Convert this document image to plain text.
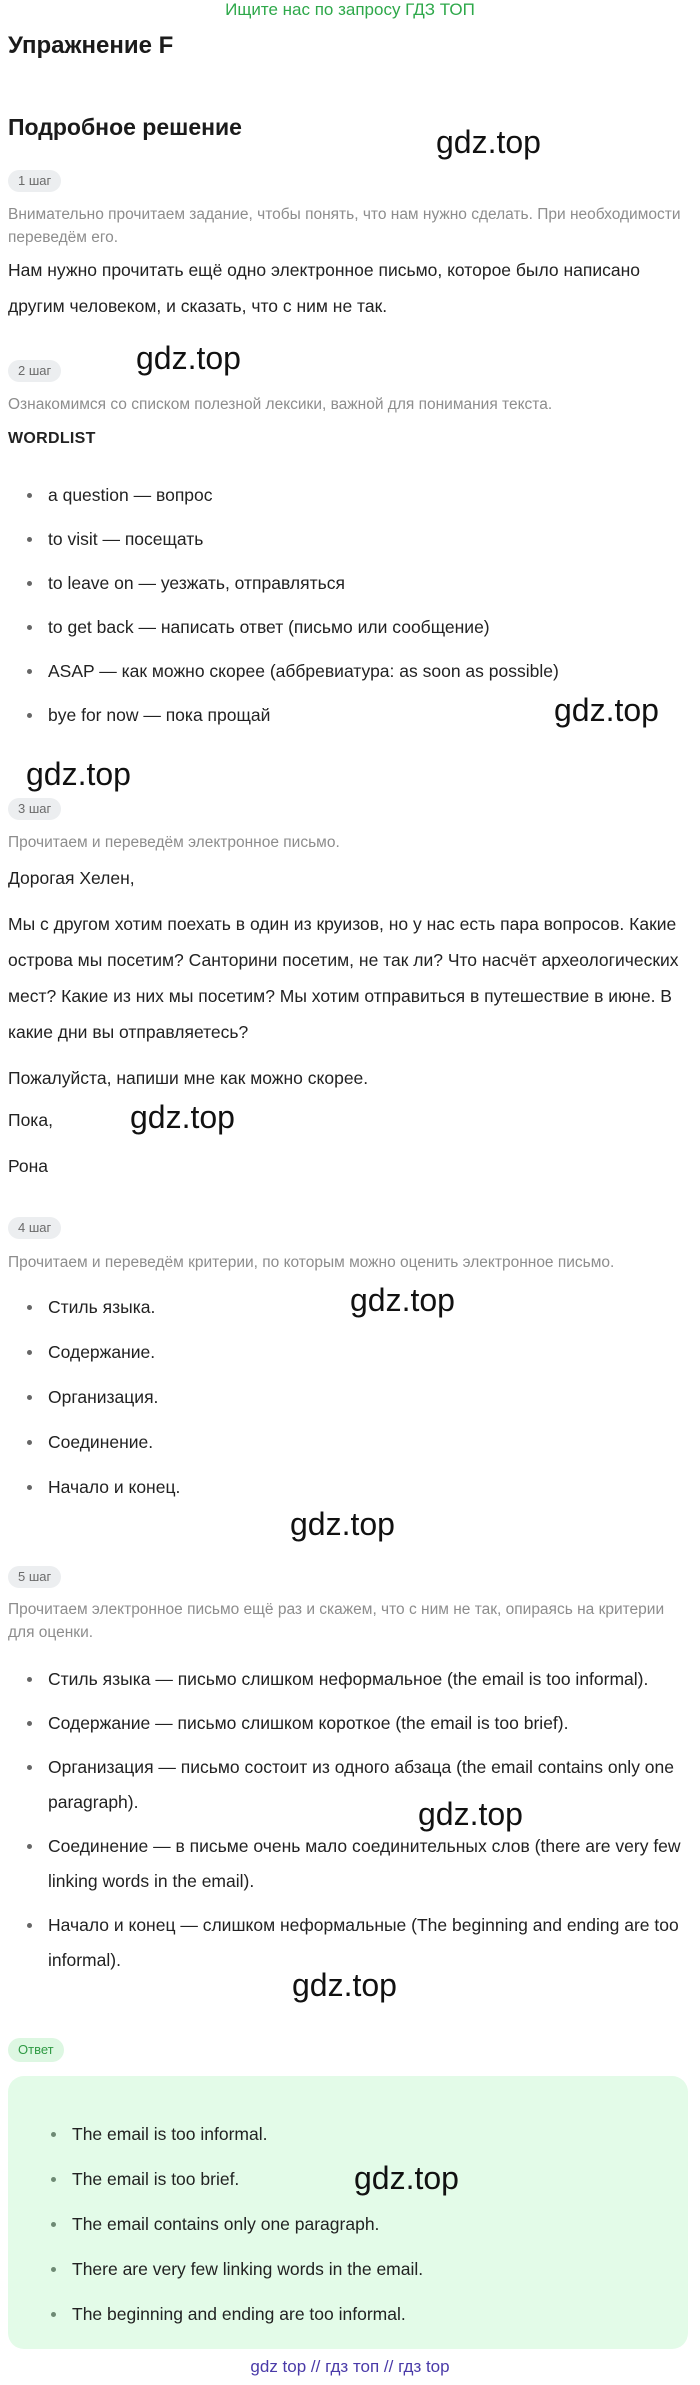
Ищите нас по запросу ГДЗ ТОП
Упражнение F
Подробное решение	gdz.top
1 шаг
Внимательно прочитаем задание, чтобы понять, что нам нужно сделать. При необходимости переведём его.
Нам нужно прочитать ещё одно электронное письмо, которое было написано другим человеком, и сказать, что с ним не так.
2 шаг	gdz.top
Ознакомимся со списком полезной лексики, важной для понимания текста.
WORDLIST
a question — вопрос
to visit — посещать
to leave on — уезжать, отправляться
to get back — написать ответ (письмо или сообщение)
ASAP — как можно скорее (аббревиатура: as soon as possible)
bye for now — пока прощай	gdz.top
gdz.top
3 шаг
Прочитаем и переведём электронное письмо.
Дорогая Хелен,
Мы с другом хотим поехать в один из круизов, но у нас есть пара вопросов. Какие острова мы посетим? Санторини посетим, не так ли? Что насчёт археологических мест? Какие из них мы посетим? Мы хотим отправиться в путешествие в июне. В какие дни вы отправляетесь?
Пожалуйста, напиши мне как можно скорее.
Пока,	gdz.top
Рона
4 шаг
Прочитаем и переведём критерии, по которым можно оценить электронное письмо.
gdz.top
Стиль языка.
Содержание.
Организация.
Соединение.
Начало и конец.
gdz.top
5 шаг
Прочитаем электронное письмо ещё раз и скажем, что с ним не так, опираясь на критерии для оценки.
Стиль языка — письмо слишком неформальное (the email is too informal).
Содержание — письмо слишком короткое (the email is too brief).
Организация — письмо состоит из одного абзаца (the email contains only one paragraph).
Соединение — в письме очень мало соединительных слов (there are very few linking words in the email).
Начало и конец — слишком неформальные (The beginning and ending are too informal).
gdz.top
gdz.top
Ответ
The email is too informal.
The email is too brief.
The email contains only one paragraph.
There are very few linking words in the email.
The beginning and ending are too informal.
gdz.top
gdz top // гдз топ // гдз top
